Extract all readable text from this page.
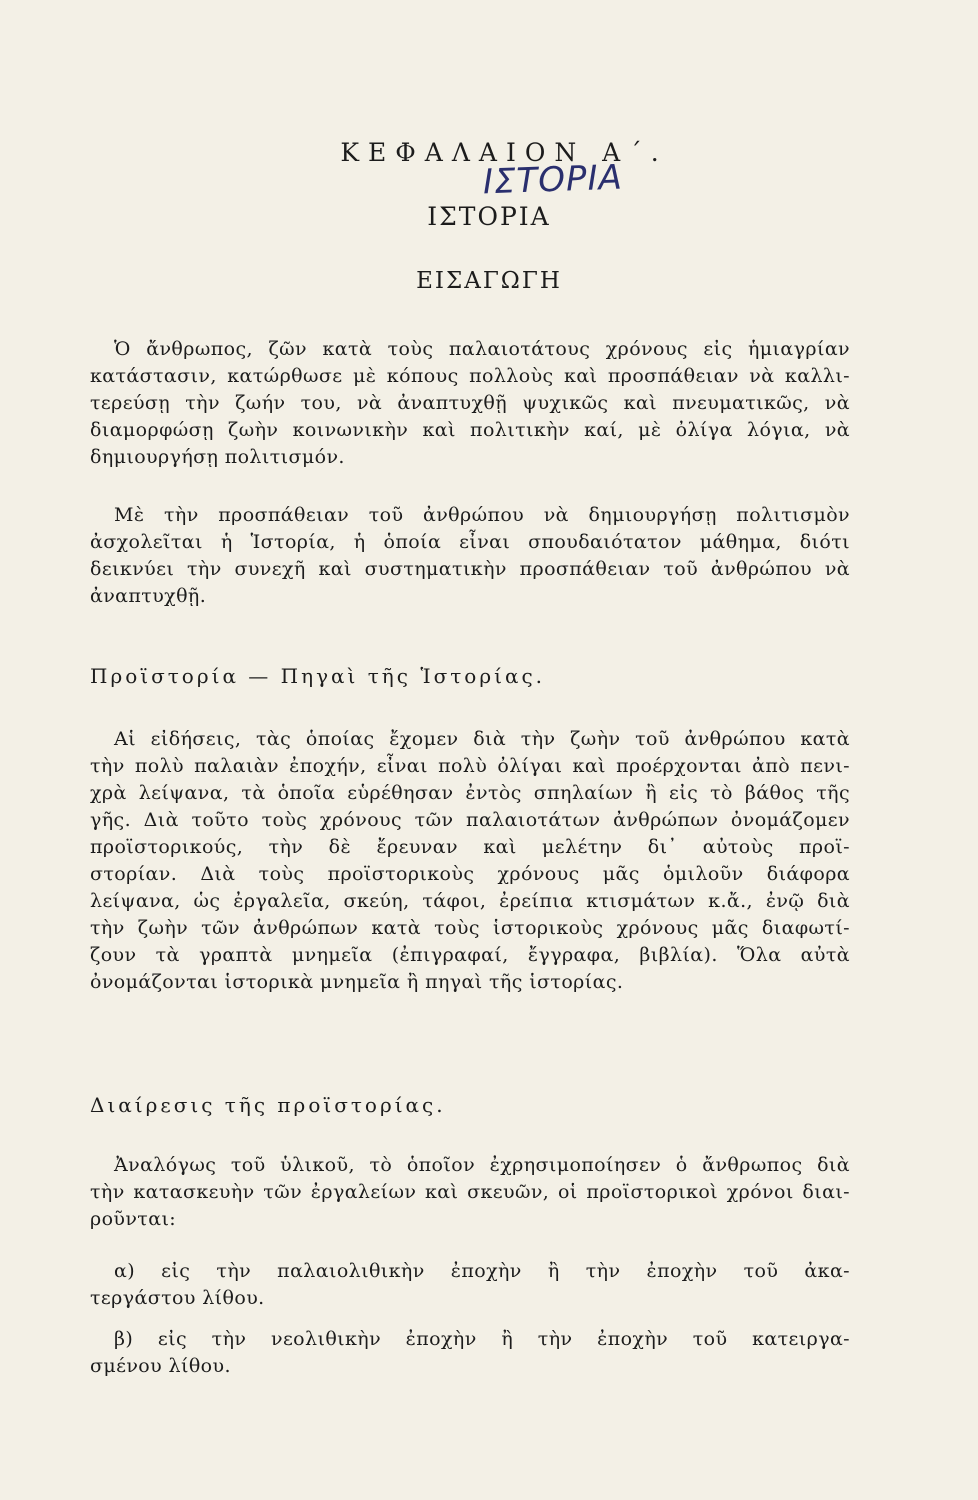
ΚΕΦΑΛΑΙΟΝ Α΄.
ΙΣΤΟΡΙΑ
ΙΣΤΟΡΙΑ
ΕΙΣΑΓΩΓΗ
Ὁ ἄνθρωπος, ζῶν κατὰ τοὺς παλαιοτάτους χρόνους εἰς ἡμιαγρίαν
κατάστασιν, κατώρθωσε μὲ κόπους πολλοὺς καὶ προσπάθειαν νὰ καλλι-
τερεύσῃ τὴν ζωήν του, νὰ ἀναπτυχθῇ ψυχικῶς καὶ πνευματικῶς, νὰ
διαμορφώσῃ ζωὴν κοινωνικὴν καὶ πολιτικὴν καί, μὲ ὀλίγα λόγια, νὰ
δημιουργήσῃ πολιτισμόν.
Μὲ τὴν προσπάθειαν τοῦ ἀνθρώπου νὰ δημιουργήσῃ πολιτισμὸν
ἀσχολεῖται ἡ Ἱστορία, ἡ ὁποία εἶναι σπουδαιότατον μάθημα, διότι
δεικνύει τὴν συνεχῆ καὶ συστηματικὴν προσπάθειαν τοῦ ἀνθρώπου νὰ
ἀναπτυχθῇ.
Προϊστορία — Πηγαὶ τῆς Ἱστορίας.
Αἱ εἰδήσεις, τὰς ὁποίας ἔχομεν διὰ τὴν ζωὴν τοῦ ἀνθρώπου κατὰ
τὴν πολὺ παλαιὰν ἐποχήν, εἶναι πολὺ ὀλίγαι καὶ προέρχονται ἀπὸ πενι-
χρὰ λείψανα, τὰ ὁποῖα εὑρέθησαν ἐντὸς σπηλαίων ἢ εἰς τὸ βάθος τῆς
γῆς. Διὰ τοῦτο τοὺς χρόνους τῶν παλαιοτάτων ἀνθρώπων ὀνομάζομεν
προϊστορικούς, τὴν δὲ ἔρευναν καὶ μελέτην δι᾽ αὐτοὺς προϊ-
στορίαν. Διὰ τοὺς προϊστορικοὺς χρόνους μᾶς ὁμιλοῦν διάφορα
λείψανα, ὡς ἐργαλεῖα, σκεύη, τάφοι, ἐρείπια κτισμάτων κ.ἄ., ἐνῷ διὰ
τὴν ζωὴν τῶν ἀνθρώπων κατὰ τοὺς ἱστορικοὺς χρόνους μᾶς διαφωτί-
ζουν τὰ γραπτὰ μνημεῖα (ἐπιγραφαί, ἔγγραφα, βιβλία). Ὅλα αὐτὰ
ὀνομάζονται ἱστορικὰ μνημεῖα ἢ πηγαὶ τῆς ἱστορίας.
Διαίρεσις τῆς προϊστορίας.
Ἀναλόγως τοῦ ὑλικοῦ, τὸ ὁποῖον ἐχρησιμοποίησεν ὁ ἄνθρωπος διὰ
τὴν κατασκευὴν τῶν ἐργαλείων καὶ σκευῶν, οἱ προϊστορικοὶ χρόνοι διαι-
ροῦνται:
α) εἰς τὴν παλαιολιθικὴν ἐποχὴν ἢ τὴν ἐποχὴν τοῦ ἀκα-
τεργάστου λίθου.
β) εἰς τὴν νεολιθικὴν ἐποχὴν ἢ τὴν ἐποχὴν τοῦ κατειργα-
σμένου λίθου.
